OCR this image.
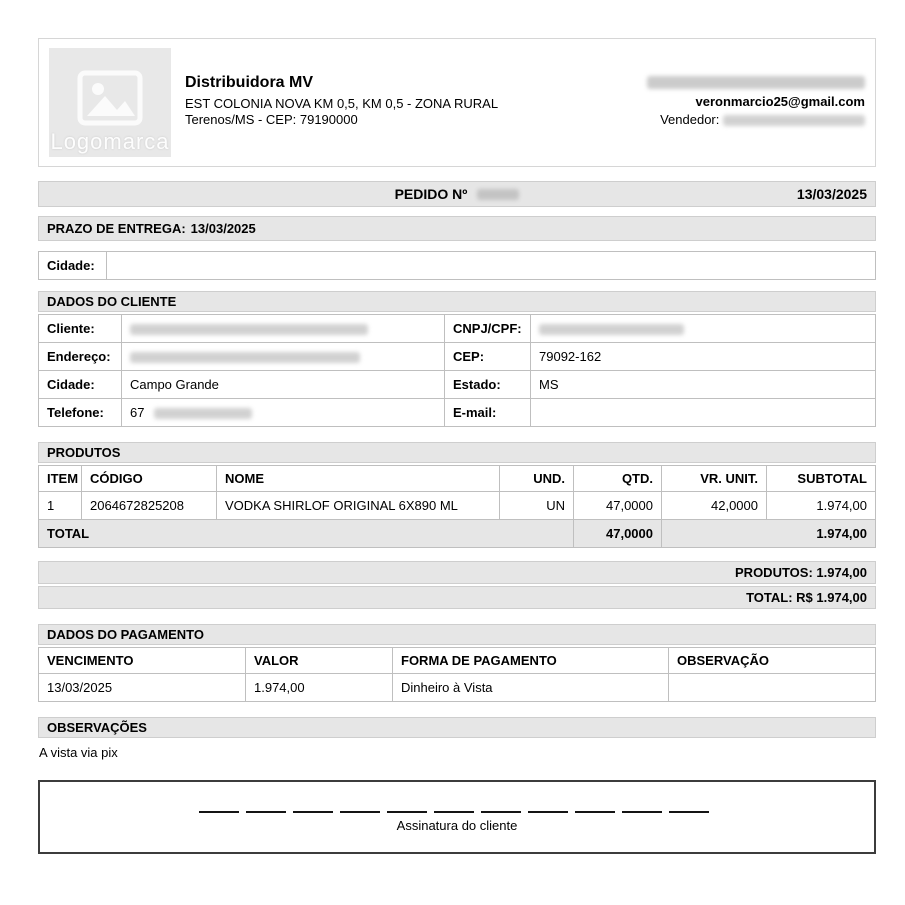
Logomarca
Distribuidora MV
EST COLONIA NOVA KM 0,5, KM 0,5 - ZONA RURAL
Terenos/MS - CEP: 79190000
veronmarcio25@gmail.com
Vendedor:
PEDIDO Nº	13/03/2025
PRAZO DE ENTREGA: 13/03/2025
Cidade:	
DADOS DO CLIENTE
Cliente:		CNPJ/CPF:	
Endereço:		CEP:	79092-162
Cidade:	Campo Grande	Estado:	MS
Telefone:	67	E-mail:	
PRODUTOS
ITEM	CÓDIGO	NOME	UND.	QTD.	VR. UNIT.	SUBTOTAL
1	2064672825208	VODKA SHIRLOF ORIGINAL 6X890 ML	UN	47,0000	42,0000	1.974,00
TOTAL				47,0000	1.974,00	
PRODUTOS: 1.974,00
TOTAL: R$ 1.974,00
DADOS DO PAGAMENTO
VENCIMENTO	VALOR	FORMA DE PAGAMENTO	OBSERVAÇÃO
13/03/2025	1.974,00	Dinheiro à Vista	
OBSERVAÇÕES
A vista via pix
Assinatura do cliente
